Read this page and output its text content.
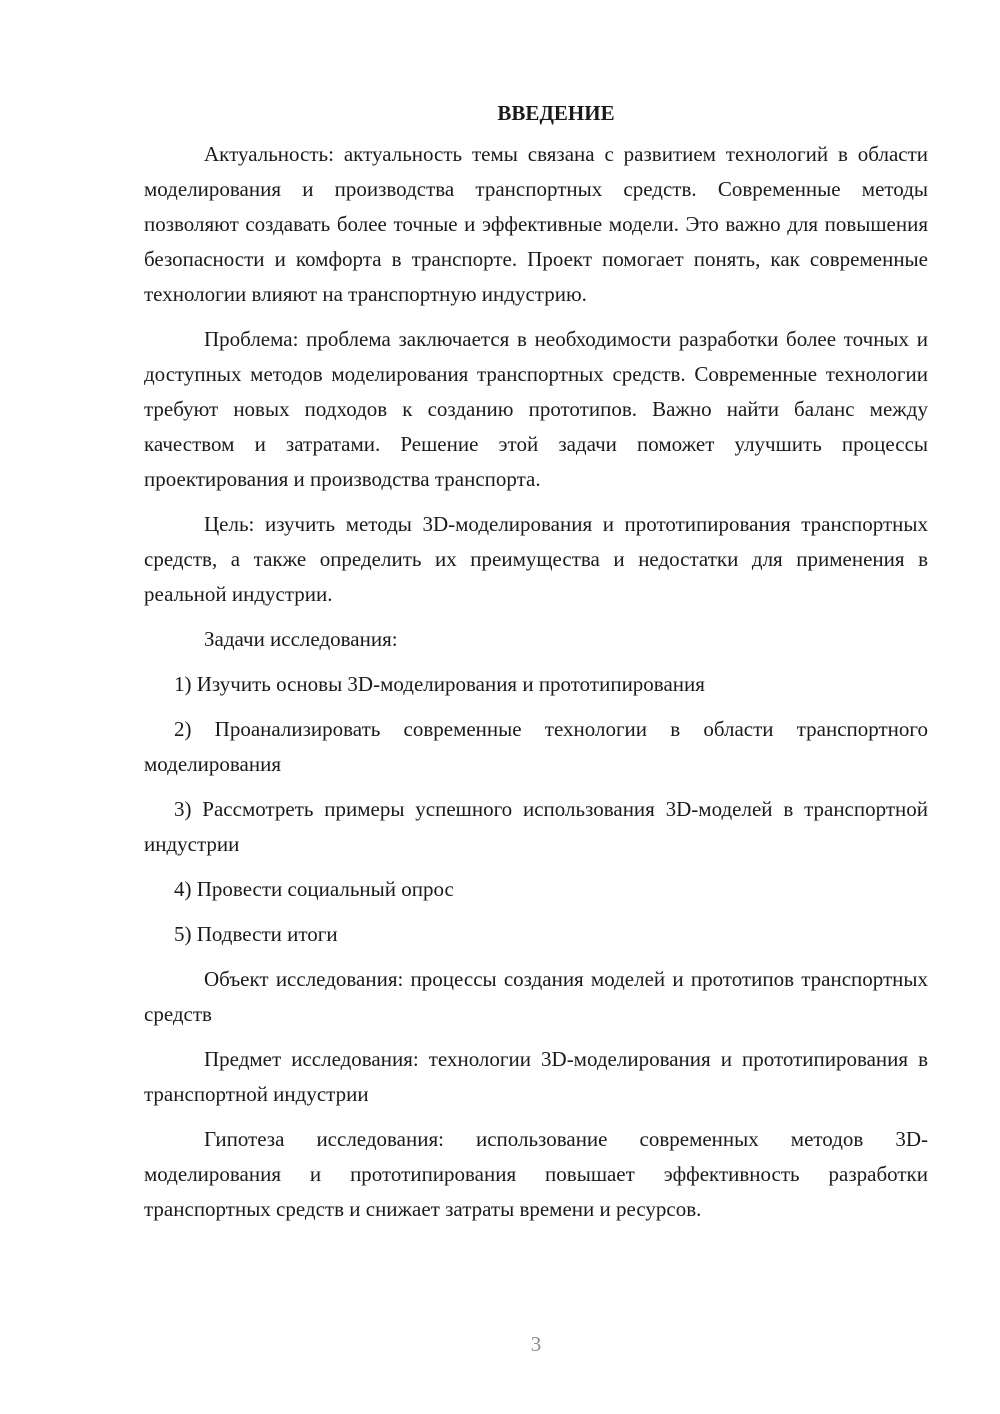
ВВЕДЕНИЕ

Актуальность: актуальность темы связана с развитием технологий в области моделирования и производства транспортных средств. Современные методы позволяют создавать более точные и эффективные модели. Это важно для повышения безопасности и комфорта в транспорте. Проект помогает понять, как современные технологии влияют на транспортную индустрию.

Проблема: проблема заключается в необходимости разработки более точных и доступных методов моделирования транспортных средств. Современные технологии требуют новых подходов к созданию прототипов. Важно найти баланс между качеством и затратами. Решение этой задачи поможет улучшить процессы проектирования и производства транспорта.

Цель: изучить методы 3D-моделирования и прототипирования транспортных средств, а также определить их преимущества и недостатки для применения в реальной индустрии.

Задачи исследования:

1) Изучить основы 3D-моделирования и прототипирования

2) Проанализировать современные технологии в области транспортного моделирования

3) Рассмотреть примеры успешного использования 3D-моделей в транспортной индустрии

4) Провести социальный опрос

5) Подвести итоги

Объект исследования: процессы создания моделей и прототипов транспортных средств

Предмет исследования: технологии 3D-моделирования и прототипирования в транспортной индустрии

Гипотеза исследования: использование современных методов 3D-моделирования и прототипирования повышает эффективность разработки транспортных средств и снижает затраты времени и ресурсов.

3
